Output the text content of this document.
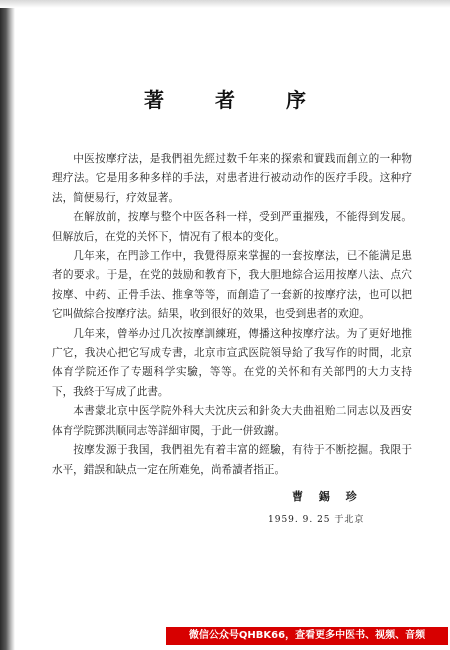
著 者 序

中医按摩疗法，是我們祖先經过数千年来的探索和實践而創立的一种物理疗法。它是用多种多样的手法，对患者进行被动动作的医疗手段。这种疗法，简便易行，疗效显著。

在解放前，按摩与整个中医各科一样，受到严重摧残，不能得到发展。但解放后，在党的关怀下，情况有了根本的变化。

几年来，在門診工作中，我覺得原来掌握的一套按摩法，已不能满足患者的要求。于是，在党的鼓励和教育下，我大胆地綜合运用按摩八法、点穴按摩、中药、正骨手法、推拿等等，而創造了一套新的按摩疗法，也可以把它叫做綜合按摩疗法。結果，收到很好的效果，也受到患者的欢迎。

几年来，曾举办过几次按摩訓練班，傳播这种按摩疗法。为了更好地推广它，我决心把它写成专書，北京市宣武医院領导給了我写作的时間，北京体育学院还作了专题科学实驗，等等。在党的关怀和有关部門的大力支持下，我終于写成了此書。

本書蒙北京中医学院外科大夫沈庆云和針灸大夫曲祖贻二同志以及西安体育学院鄧洪顺同志等詳細审閱，于此一併致謝。

按摩发源于我国，我們祖先有着丰富的經驗，有待于不断挖掘。我限于水平，錯誤和缺点一定在所难免，尚希讀者指正。

曹 錫 珍
1959. 9. 25 于北京
微信公众号QHBK66，查看更多中医书、视频、音频
